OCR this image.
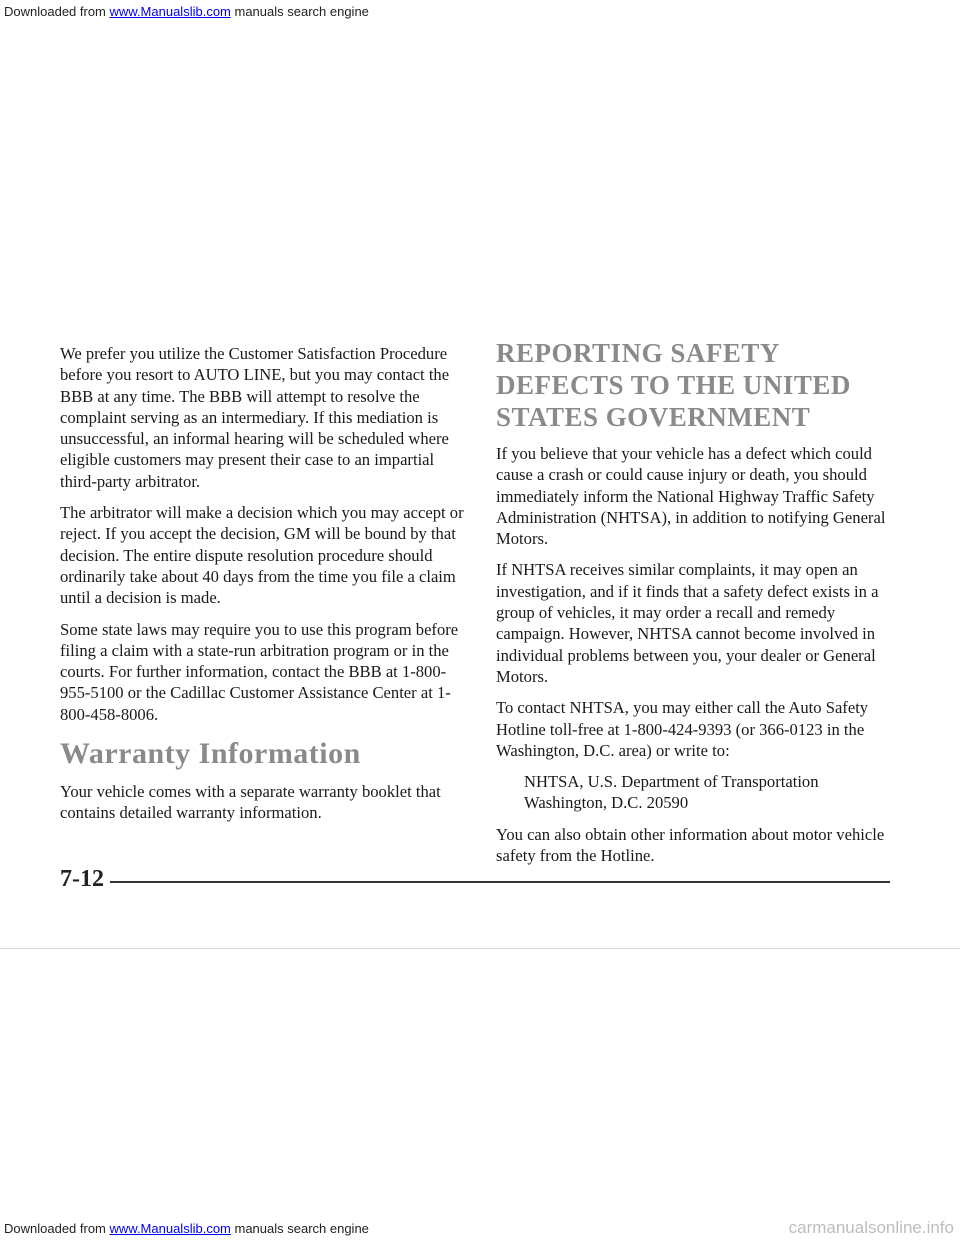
Downloaded from www.Manualslib.com manuals search engine

We prefer you utilize the Customer Satisfaction Procedure before you resort to AUTO LINE, but you may contact the BBB at any time. The BBB will attempt to resolve the complaint serving as an intermediary. If this mediation is unsuccessful, an informal hearing will be scheduled where eligible customers may present their case to an impartial third-party arbitrator.

The arbitrator will make a decision which you may accept or reject. If you accept the decision, GM will be bound by that decision. The entire dispute resolution procedure should ordinarily take about 40 days from the time you file a claim until a decision is made.

Some state laws may require you to use this program before filing a claim with a state-run arbitration program or in the courts. For further information, contact the BBB at 1-800-955-5100 or the Cadillac Customer Assistance Center at 1-800-458-8006.

Warranty Information

Your vehicle comes with a separate warranty booklet that contains detailed warranty information.

REPORTING SAFETY DEFECTS TO THE UNITED STATES GOVERNMENT

If you believe that your vehicle has a defect which could cause a crash or could cause injury or death, you should immediately inform the National Highway Traffic Safety Administration (NHTSA), in addition to notifying General Motors.

If NHTSA receives similar complaints, it may open an investigation, and if it finds that a safety defect exists in a group of vehicles, it may order a recall and remedy campaign. However, NHTSA cannot become involved in individual problems between you, your dealer or General Motors.

To contact NHTSA, you may either call the Auto Safety Hotline toll-free at 1-800-424-9393 (or 366-0123 in the Washington, D.C. area) or write to:

NHTSA, U.S. Department of Transportation

Washington, D.C. 20590

You can also obtain other information about motor vehicle safety from the Hotline.

7-12
Downloaded from www.Manualslib.com manuals search engine	carmanualsonline.info
